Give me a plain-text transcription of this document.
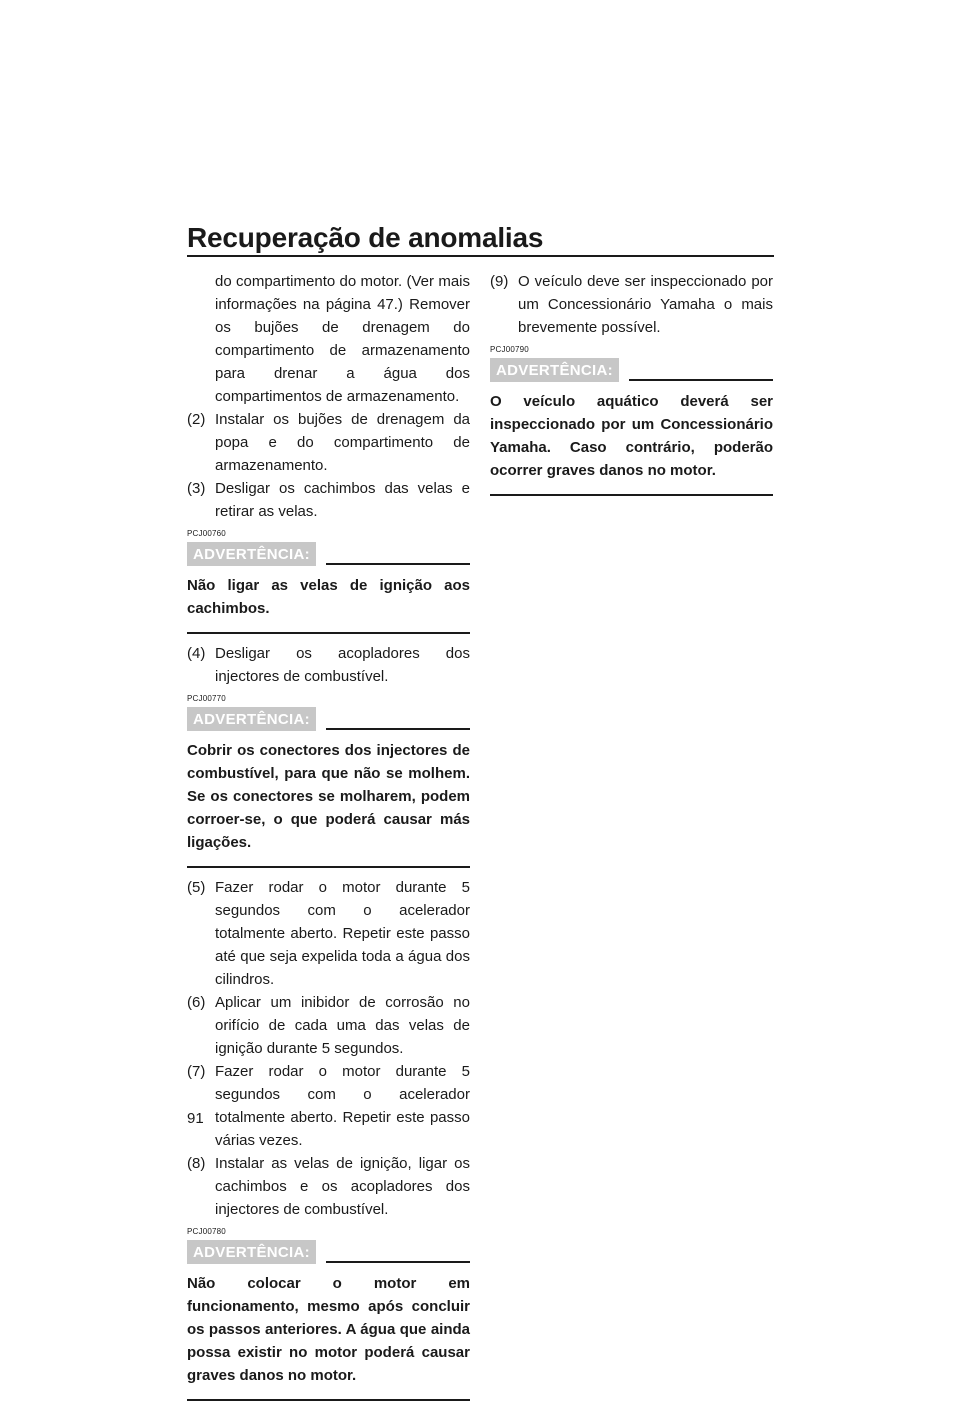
Recuperação de anomalias

do compartimento do motor. (Ver mais informações na página 47.) Remover os bujões de drenagem do compartimento de armazenamento para drenar a água dos compartimentos de armazenamento.

(2) Instalar os bujões de drenagem da popa e do compartimento de armazenamento.

(3) Desligar os cachimbos das velas e retirar as velas.

PCJ00760
ADVERTÊNCIA:
Não ligar as velas de ignição aos cachimbos.

(4) Desligar os acopladores dos injectores de combustível.

PCJ00770
ADVERTÊNCIA:
Cobrir os conectores dos injectores de combustível, para que não se molhem. Se os conectores se molharem, podem corroer-se, o que poderá causar más ligações.

(5) Fazer rodar o motor durante 5 segundos com o acelerador totalmente aberto. Repetir este passo até que seja expelida toda a água dos cilindros.

(6) Aplicar um inibidor de corrosão no orifício de cada uma das velas de ignição durante 5 segundos.

(7) Fazer rodar o motor durante 5 segundos com o acelerador totalmente aberto. Repetir este passo várias vezes.

(8) Instalar as velas de ignição, ligar os cachimbos e os acopladores dos injectores de combustível.

PCJ00780
ADVERTÊNCIA:
Não colocar o motor em funcionamento, mesmo após concluir os passos anteriores. A água que ainda possa existir no motor poderá causar graves danos no motor.

(9) O veículo deve ser inspeccionado por um Concessionário Yamaha o mais brevemente possível.

PCJ00790
ADVERTÊNCIA:
O veículo aquático deverá ser inspeccionado por um Concessionário Yamaha. Caso contrário, poderão ocorrer graves danos no motor.
91
